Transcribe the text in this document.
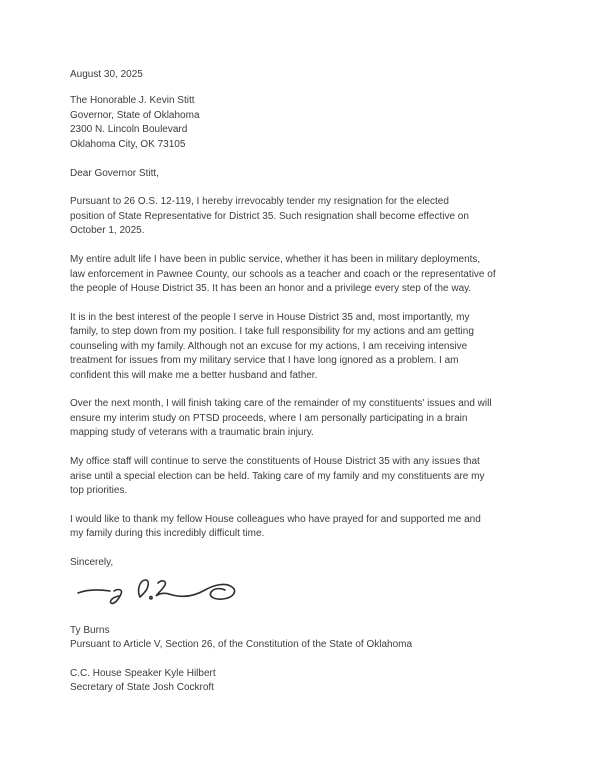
August 30, 2025
The Honorable J. Kevin Stitt
Governor, State of Oklahoma
2300 N. Lincoln Boulevard
Oklahoma City, OK 73105
Dear Governor Stitt,
Pursuant to 26 O.S. 12-119, I hereby irrevocably tender my resignation for the elected
position of State Representative for District 35. Such resignation shall become effective on
October 1, 2025.
My entire adult life I have been in public service, whether it has been in military deployments,
law enforcement in Pawnee County, our schools as a teacher and coach or the representative of
the people of House District 35. It has been an honor and a privilege every step of the way.
It is in the best interest of the people I serve in House District 35 and, most importantly, my
family, to step down from my position. I take full responsibility for my actions and am getting
counseling with my family. Although not an excuse for my actions, I am receiving intensive
treatment for issues from my military service that I have long ignored as a problem. I am
confident this will make me a better husband and father.
Over the next month, I will finish taking care of the remainder of my constituents' issues and will
ensure my interim study on PTSD proceeds, where I am personally participating in a brain
mapping study of veterans with a traumatic brain injury.
My office staff will continue to serve the constituents of House District 35 with any issues that
arise until a special election can be held. Taking care of my family and my constituents are my
top priorities.
I would like to thank my fellow House colleagues who have prayed for and supported me and
my family during this incredibly difficult time.
Sincerely,
Ty Burns
Pursuant to Article V, Section 26, of the Constitution of the State of Oklahoma
C.C. House Speaker Kyle Hilbert
Secretary of State Josh Cockroft
